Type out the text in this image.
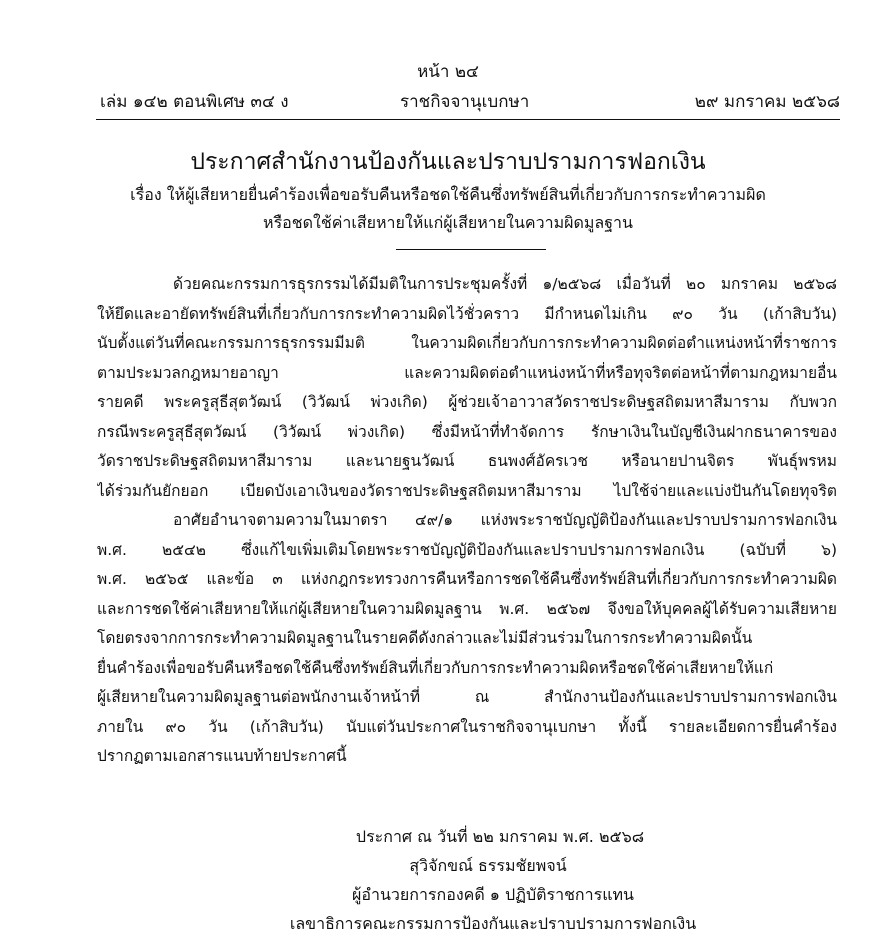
หน้า ๒๔
เล่ม ๑๔๒ ตอนพิเศษ ๓๔ ง	ราชกิจจานุเบกษา	๒๙ มกราคม ๒๕๖๘
ประกาศสำนักงานป้องกันและปราบปรามการฟอกเงิน
เรื่อง ให้ผู้เสียหายยื่นคำร้องเพื่อขอรับคืนหรือชดใช้คืนซึ่งทรัพย์สินที่เกี่ยวกับการกระทำความผิด
หรือชดใช้ค่าเสียหายให้แก่ผู้เสียหายในความผิดมูลฐาน
ด้วยคณะกรรมการธุรกรรมได้มีมติในการประชุมครั้งที่ ๑/๒๕๖๘ เมื่อวันที่ ๒๐ มกราคม ๒๕๖๘
ให้ยึดและอายัดทรัพย์สินที่เกี่ยวกับการกระทำความผิดไว้ชั่วคราว มีกำหนดไม่เกิน ๙๐ วัน (เก้าสิบวัน)
นับตั้งแต่วันที่คณะกรรมการธุรกรรมมีมติ ในความผิดเกี่ยวกับการกระทำความผิดต่อตำแหน่งหน้าที่ราชการ
ตามประมวลกฎหมายอาญา และความผิดต่อตำแหน่งหน้าที่หรือทุจริตต่อหน้าที่ตามกฎหมายอื่น
รายคดี พระครูสุธีสุตวัฒน์ (วิวัฒน์ พ่วงเกิด) ผู้ช่วยเจ้าอาวาสวัดราชประดิษฐสถิตมหาสีมาราม กับพวก
กรณีพระครูสุธีสุตวัฒน์ (วิวัฒน์ พ่วงเกิด) ซึ่งมีหน้าที่ทำจัดการ รักษาเงินในบัญชีเงินฝากธนาคารของ
วัดราชประดิษฐสถิตมหาสีมาราม และนายฐนวัฒน์ ธนพงศ์อัครเวช หรือนายปานจิตร พันธุ์พรหม
ได้ร่วมกันยักยอก เบียดบังเอาเงินของวัดราชประดิษฐสถิตมหาสีมาราม ไปใช้จ่ายและแบ่งปันกันโดยทุจริต
อาศัยอำนาจตามความในมาตรา ๔๙/๑ แห่งพระราชบัญญัติป้องกันและปราบปรามการฟอกเงิน
พ.ศ. ๒๕๔๒ ซึ่งแก้ไขเพิ่มเติมโดยพระราชบัญญัติป้องกันและปราบปรามการฟอกเงิน (ฉบับที่ ๖)
พ.ศ. ๒๕๖๕ และข้อ ๓ แห่งกฎกระทรวงการคืนหรือการชดใช้คืนซึ่งทรัพย์สินที่เกี่ยวกับการกระทำความผิด
และการชดใช้ค่าเสียหายให้แก่ผู้เสียหายในความผิดมูลฐาน พ.ศ. ๒๕๖๗ จึงขอให้บุคคลผู้ได้รับความเสียหาย
โดยตรงจากการกระทำความผิดมูลฐานในรายคดีดังกล่าวและไม่มีส่วนร่วมในการกระทำความผิดนั้น
ยื่นคำร้องเพื่อขอรับคืนหรือชดใช้คืนซึ่งทรัพย์สินที่เกี่ยวกับการกระทำความผิดหรือชดใช้ค่าเสียหายให้แก่
ผู้เสียหายในความผิดมูลฐานต่อพนักงานเจ้าหน้าที่ ณ สำนักงานป้องกันและปราบปรามการฟอกเงิน
ภายใน ๙๐ วัน (เก้าสิบวัน) นับแต่วันประกาศในราชกิจจานุเบกษา ทั้งนี้ รายละเอียดการยื่นคำร้อง
ปรากฏตามเอกสารแนบท้ายประกาศนี้
ประกาศ ณ วันที่ ๒๒ มกราคม พ.ศ. ๒๕๖๘
สุวิจักขณ์ ธรรมชัยพจน์
ผู้อำนวยการกองคดี ๑ ปฏิบัติราชการแทน
เลขาธิการคณะกรรมการป้องกันและปราบปรามการฟอกเงิน
